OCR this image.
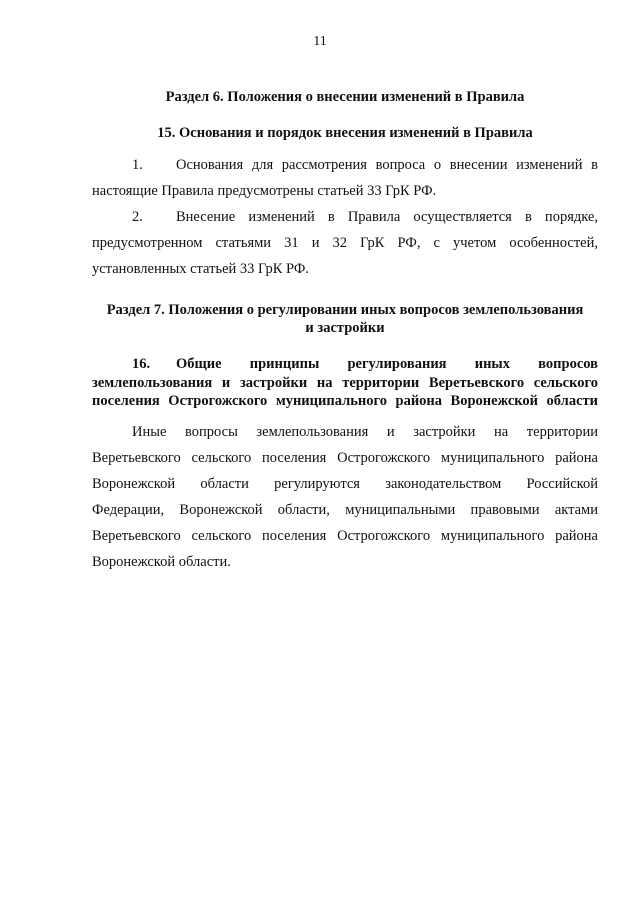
11
Раздел 6. Положения о внесении изменений в Правила
15. Основания и порядок внесения изменений в Правила
1. Основания для рассмотрения вопроса о внесении изменений в
настоящие Правила предусмотрены статьей 33 ГрК РФ.
2. Внесение изменений в Правила осуществляется в порядке,
предусмотренном статьями 31 и 32 ГрК РФ, с учетом особенностей,
установленных статьей 33 ГрК РФ.
Раздел 7. Положения о регулировании иных вопросов землепользования
и застройки
16. Общие принципы регулирования иных вопросов
землепользования и застройки на территории Веретьевского сельского
поселения Острогожского муниципального района Воронежской области
Иные вопросы землепользования и застройки на территории
Веретьевского сельского поселения Острогожского муниципального района
Воронежской области регулируются законодательством Российской
Федерации, Воронежской области, муниципальными правовыми актами
Веретьевского сельского поселения Острогожского муниципального района
Воронежской области.
